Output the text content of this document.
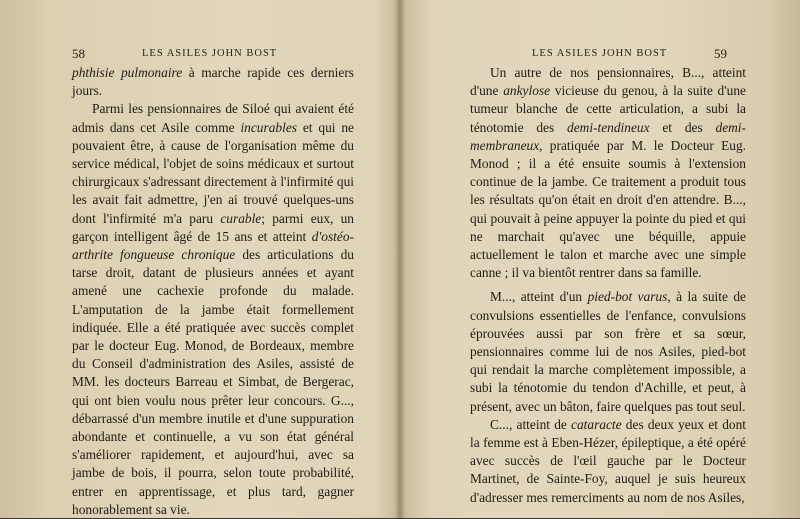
58	LES ASILES JOHN BOST

phthisie pulmonaire à marche rapide ces derniers jours.

Parmi les pensionnaires de Siloé qui avaient été admis dans cet Asile comme incurables et qui ne pouvaient être, à cause de l'organisation même du service médical, l'objet de soins médicaux et surtout chirurgicaux s'adressant directement à l'infirmité qui les avait fait admettre, j'en ai trouvé quelques-uns dont l'infirmité m'a paru curable; parmi eux, un garçon intelligent âgé de 15 ans et atteint d'ostéo-arthrite fongueuse chronique des articulations du tarse droit, datant de plusieurs années et ayant amené une cachexie profonde du malade. L'amputation de la jambe était formellement indiquée. Elle a été pratiquée avec succès complet par le docteur Eug. Monod, de Bordeaux, membre du Conseil d'administration des Asiles, assisté de MM. les docteurs Barreau et Simbat, de Bergerac, qui ont bien voulu nous prêter leur concours. G..., débarrassé d'un membre inutile et d'une suppuration abondante et continuelle, a vu son état général s'améliorer rapidement, et aujourd'hui, avec sa jambe de bois, il pourra, selon toute probabilité, entrer en apprentissage, et plus tard, gagner honorablement sa vie.

LES ASILES JOHN BOST	59

Un autre de nos pensionnaires, B..., atteint d'une ankylose vicieuse du genou, à la suite d'une tumeur blanche de cette articulation, a subi la ténotomie des demi-tendineux et des demi-membraneux, pratiquée par M. le Docteur Eug. Monod ; il a été ensuite soumis à l'extension continue de la jambe. Ce traitement a produit tous les résultats qu'on était en droit d'en attendre. B..., qui pouvait à peine appuyer la pointe du pied et qui ne marchait qu'avec une béquille, appuie actuellement le talon et marche avec une simple canne ; il va bientôt rentrer dans sa famille.

M..., atteint d'un pied-bot varus, à la suite de convulsions essentielles de l'enfance, convulsions éprouvées aussi par son frère et sa sœur, pensionnaires comme lui de nos Asiles, pied-bot qui rendait la marche complètement impossible, a subi la ténotomie du tendon d'Achille, et peut, à présent, avec un bâton, faire quelques pas tout seul.

C..., atteint de cataracte des deux yeux et dont la femme est à Eben-Hézer, épileptique, a été opéré avec succès de l'œil gauche par le Docteur Martinet, de Sainte-Foy, auquel je suis heureux d'adresser mes remerciments au nom de nos Asiles,
